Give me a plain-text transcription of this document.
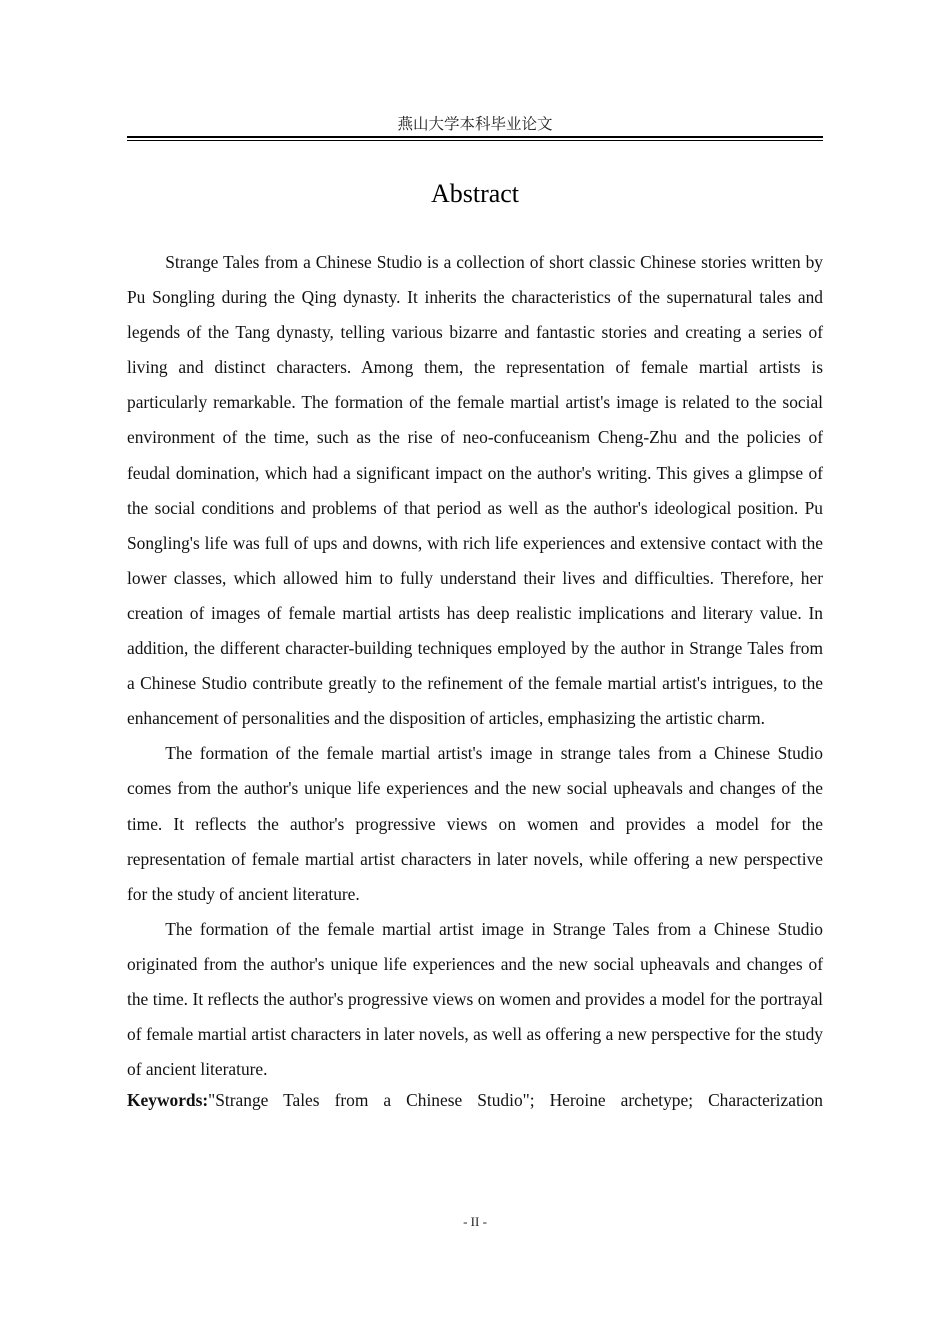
燕山大学本科毕业论文
Abstract

Strange Tales from a Chinese Studio is a collection of short classic Chinese stories written by Pu Songling during the Qing dynasty. It inherits the characteristics of the supernatural tales and legends of the Tang dynasty, telling various bizarre and fantastic stories and creating a series of living and distinct characters. Among them, the representation of female martial artists is particularly remarkable. The formation of the female martial artist's image is related to the social environment of the time, such as the rise of neo-confuceanism Cheng-Zhu and the policies of feudal domination, which had a significant impact on the author's writing. This gives a glimpse of the social conditions and problems of that period as well as the author's ideological position. Pu Songling's life was full of ups and downs, with rich life experiences and extensive contact with the lower classes, which allowed him to fully understand their lives and difficulties. Therefore, her creation of images of female martial artists has deep realistic implications and literary value. In addition, the different character-building techniques employed by the author in Strange Tales from a Chinese Studio contribute greatly to the refinement of the female martial artist's intrigues, to the enhancement of personalities and the disposition of articles, emphasizing the artistic charm.

The formation of the female martial artist's image in strange tales from a Chinese Studio comes from the author's unique life experiences and the new social upheavals and changes of the time. It reflects the author's progressive views on women and provides a model for the representation of female martial artist characters in later novels, while offering a new perspective for the study of ancient literature.

The formation of the female martial artist image in Strange Tales from a Chinese Studio originated from the author's unique life experiences and the new social upheavals and changes of the time. It reflects the author's progressive views on women and provides a model for the portrayal of female martial artist characters in later novels, as well as offering a new perspective for the study of ancient literature.

Keywords:"Strange Tales from a Chinese Studio"; Heroine archetype; Characterization

- II -
